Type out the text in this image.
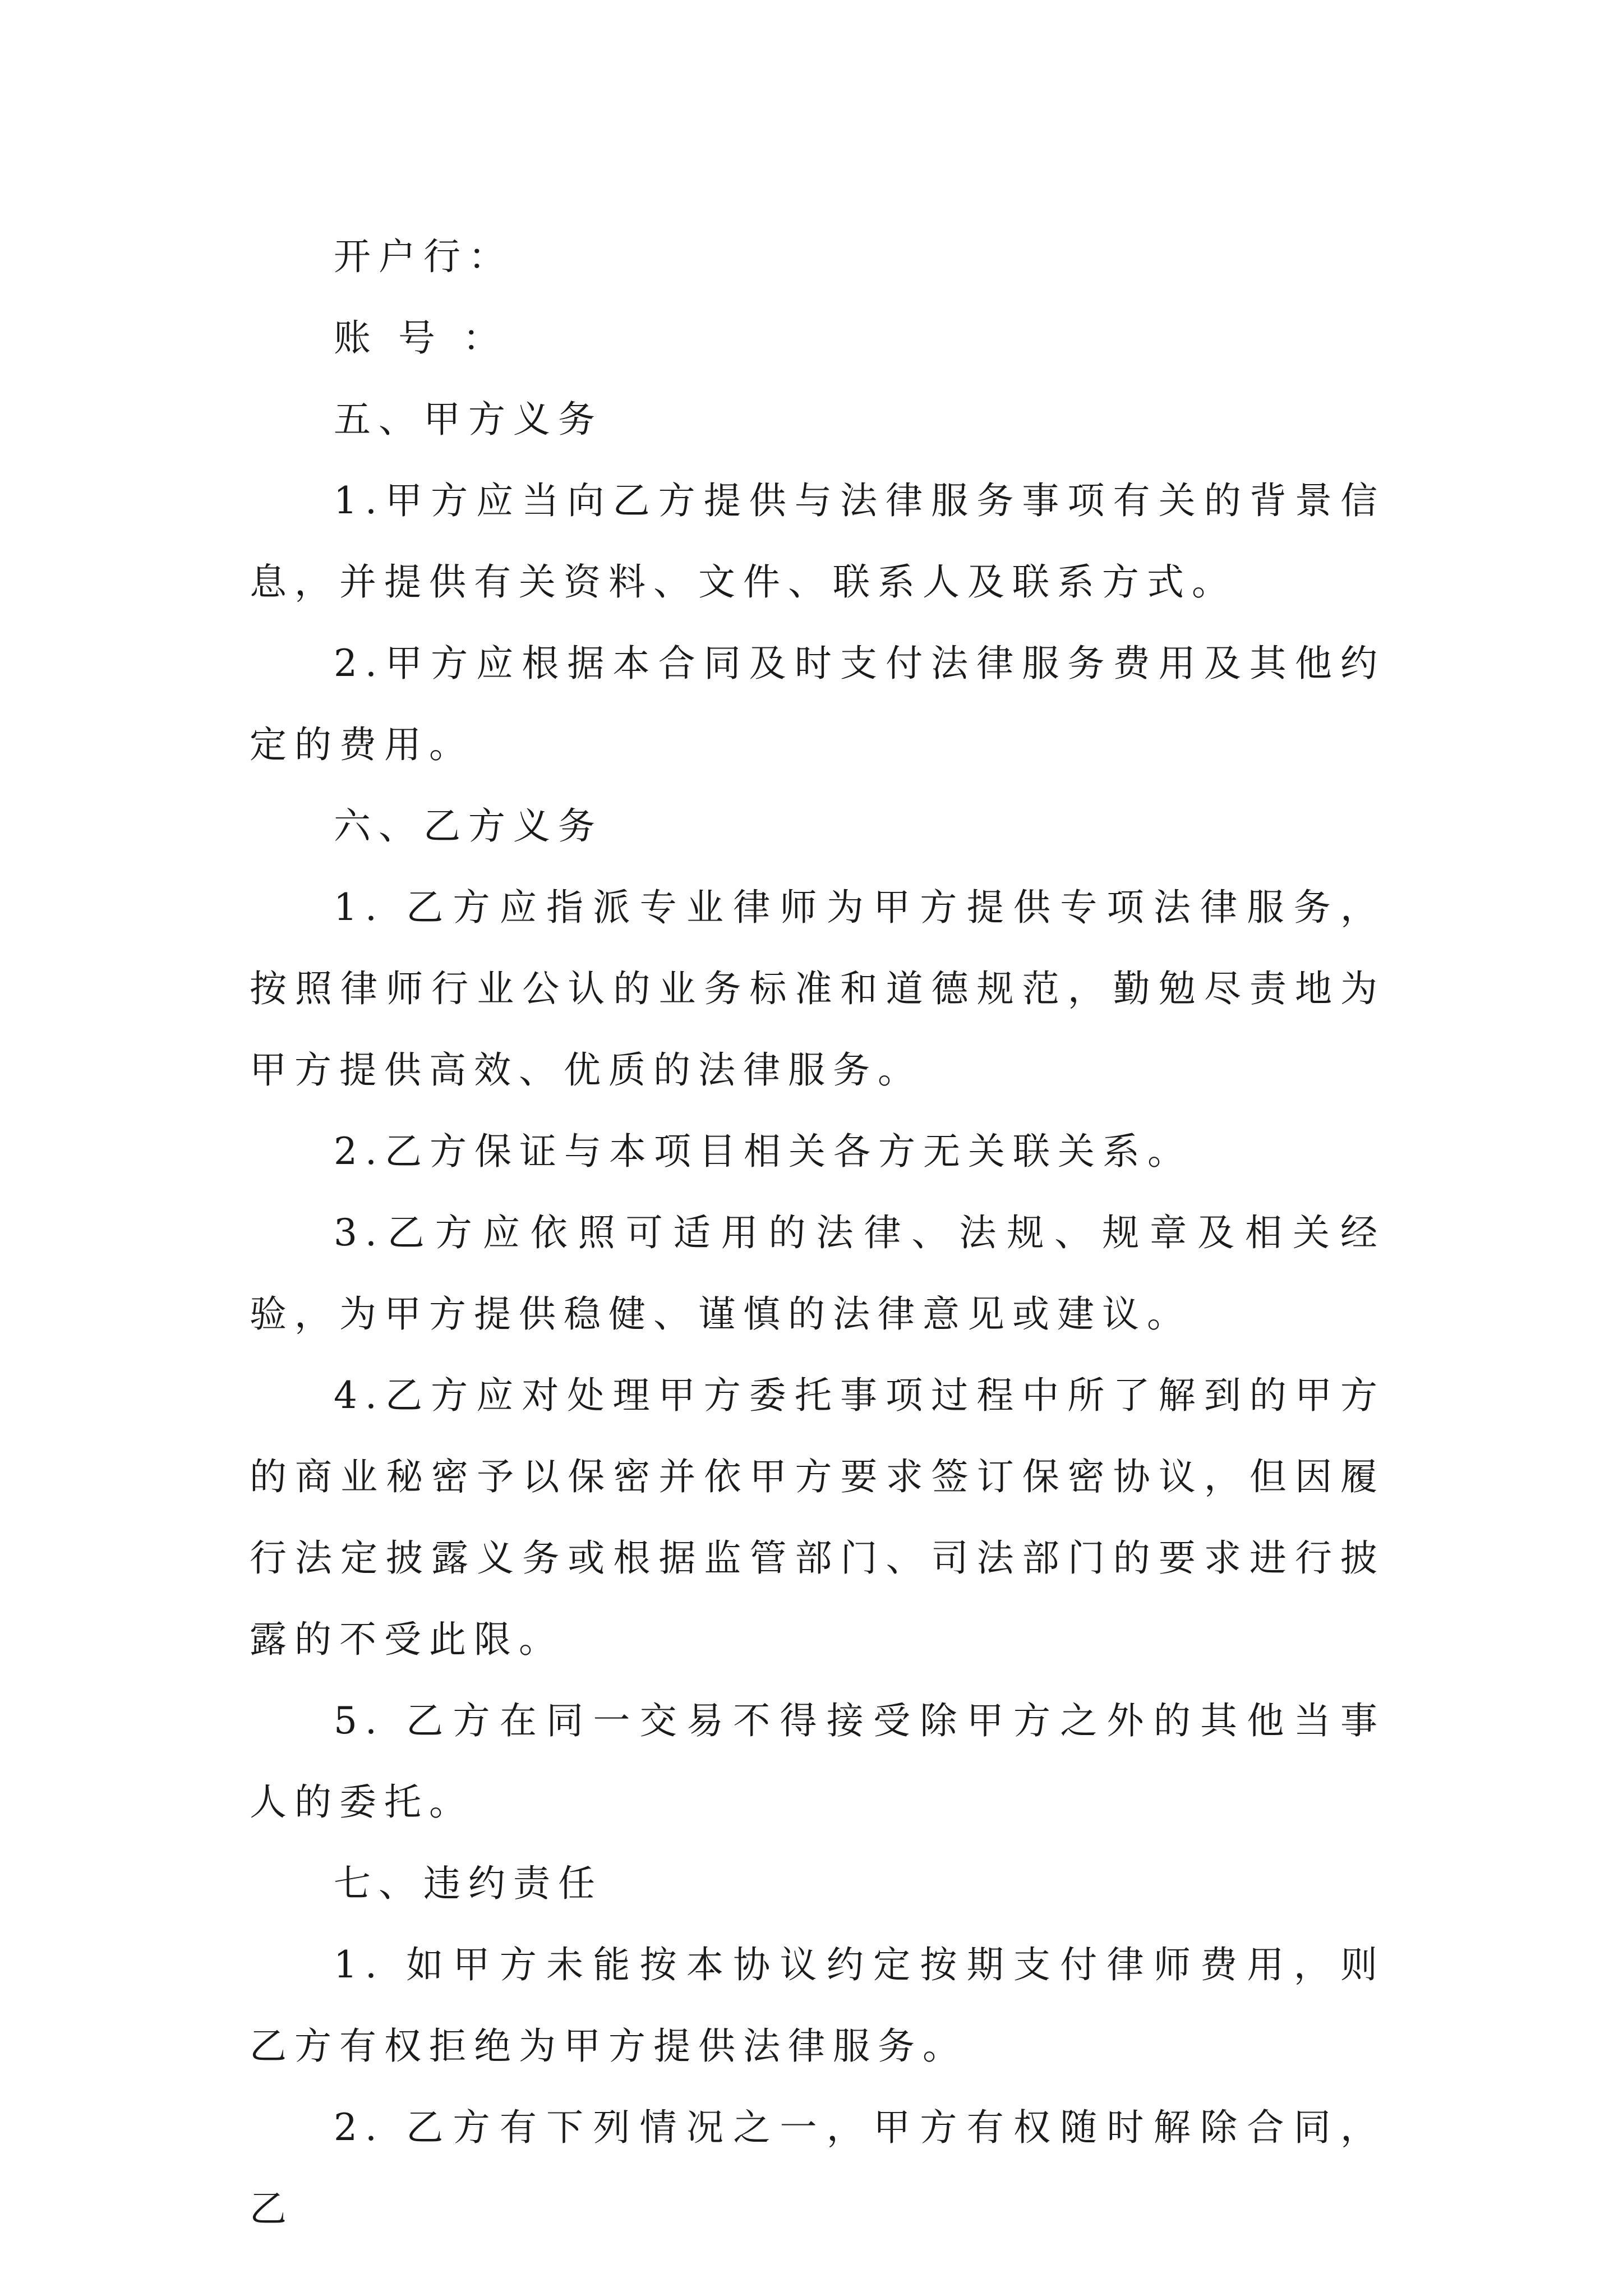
开户行：

账 号 ：

五、甲方义务

1.甲方应当向乙方提供与法律服务事项有关的背景信息，并提供有关资料、文件、联系人及联系方式。

2.甲方应根据本合同及时支付法律服务费用及其他约定的费用。

六、乙方义务

1. 乙方应指派专业律师为甲方提供专项法律服务，按照律师行业公认的业务标准和道德规范，勤勉尽责地为甲方提供高效、优质的法律服务。

2.乙方保证与本项目相关各方无关联关系。

3.乙方应依照可适用的法律、法规、规章及相关经验，为甲方提供稳健、谨慎的法律意见或建议。

4.乙方应对处理甲方委托事项过程中所了解到的甲方的商业秘密予以保密并依甲方要求签订保密协议，但因履行法定披露义务或根据监管部门、司法部门的要求进行披露的不受此限。

5. 乙方在同一交易不得接受除甲方之外的其他当事人的委托。

七、违约责任

1. 如甲方未能按本协议约定按期支付律师费用，则乙方有权拒绝为甲方提供法律服务。

2. 乙方有下列情况之一，甲方有权随时解除合同，乙
